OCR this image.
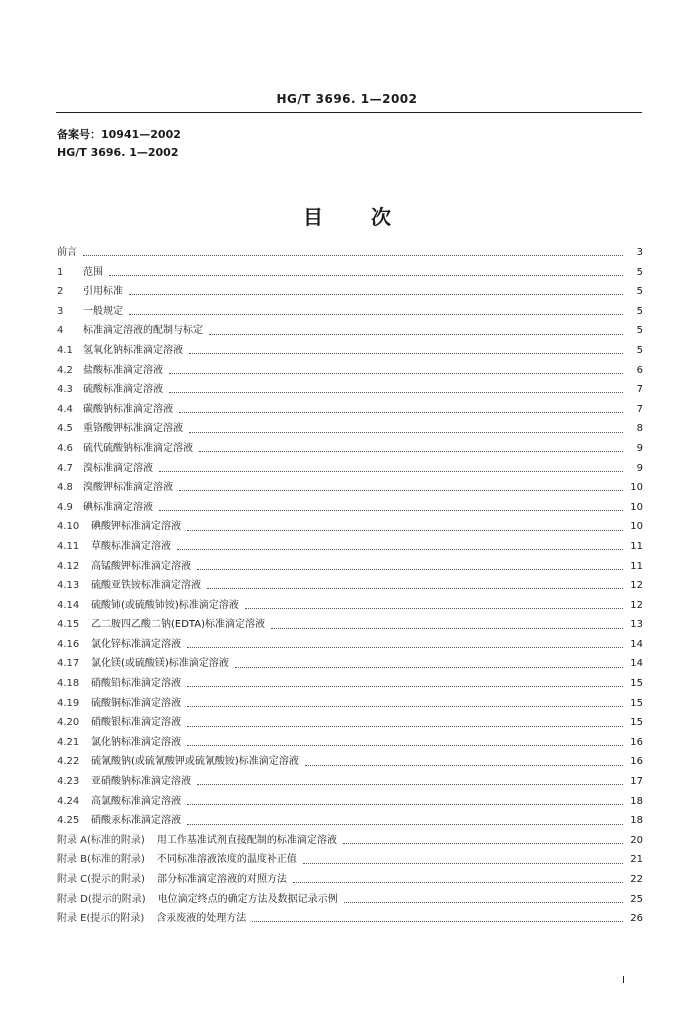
HG/T 3696. 1—2002
备案号：10941—2002
HG/T 3696. 1—2002
目 次
前言	3
1	范围	5
2	引用标准	5
3	一般规定	5
4	标准滴定溶液的配制与标定	5
4.1	氢氧化钠标准滴定溶液	5
4.2	盐酸标准滴定溶液	6
4.3	硫酸标准滴定溶液	7
4.4	碳酸钠标准滴定溶液	7
4.5	重铬酸钾标准滴定溶液	8
4.6	硫代硫酸钠标准滴定溶液	9
4.7	溴标准滴定溶液	9
4.8	溴酸钾标准滴定溶液	10
4.9	碘标准滴定溶液	10
4.10	碘酸钾标准滴定溶液	10
4.11	草酸标准滴定溶液	11
4.12	高锰酸钾标准滴定溶液	11
4.13	硫酸亚铁铵标准滴定溶液	12
4.14	硫酸铈(或硫酸铈铵)标准滴定溶液	12
4.15	乙二胺四乙酸二钠(EDTA)标准滴定溶液	13
4.16	氯化锌标准滴定溶液	14
4.17	氯化镁(或硫酸镁)标准滴定溶液	14
4.18	硝酸铅标准滴定溶液	15
4.19	硫酸铜标准滴定溶液	15
4.20	硝酸银标准滴定溶液	15
4.21	氯化钠标准滴定溶液	16
4.22	硫氰酸钠(或硫氰酸钾或硫氰酸铵)标准滴定溶液	16
4.23	亚硝酸钠标准滴定溶液	17
4.24	高氯酸标准滴定溶液	18
4.25	硝酸汞标准滴定溶液	18
附录 A(标准的附录) 用工作基准试剂直接配制的标准滴定溶液	20
附录 B(标准的附录) 不同标准溶液浓度的温度补正值	21
附录 C(提示的附录) 部分标准滴定溶液的对照方法	22
附录 D(提示的附录) 电位滴定终点的确定方法及数据记录示例	25
附录 E(提示的附录) 含汞废液的处理方法	26
I
